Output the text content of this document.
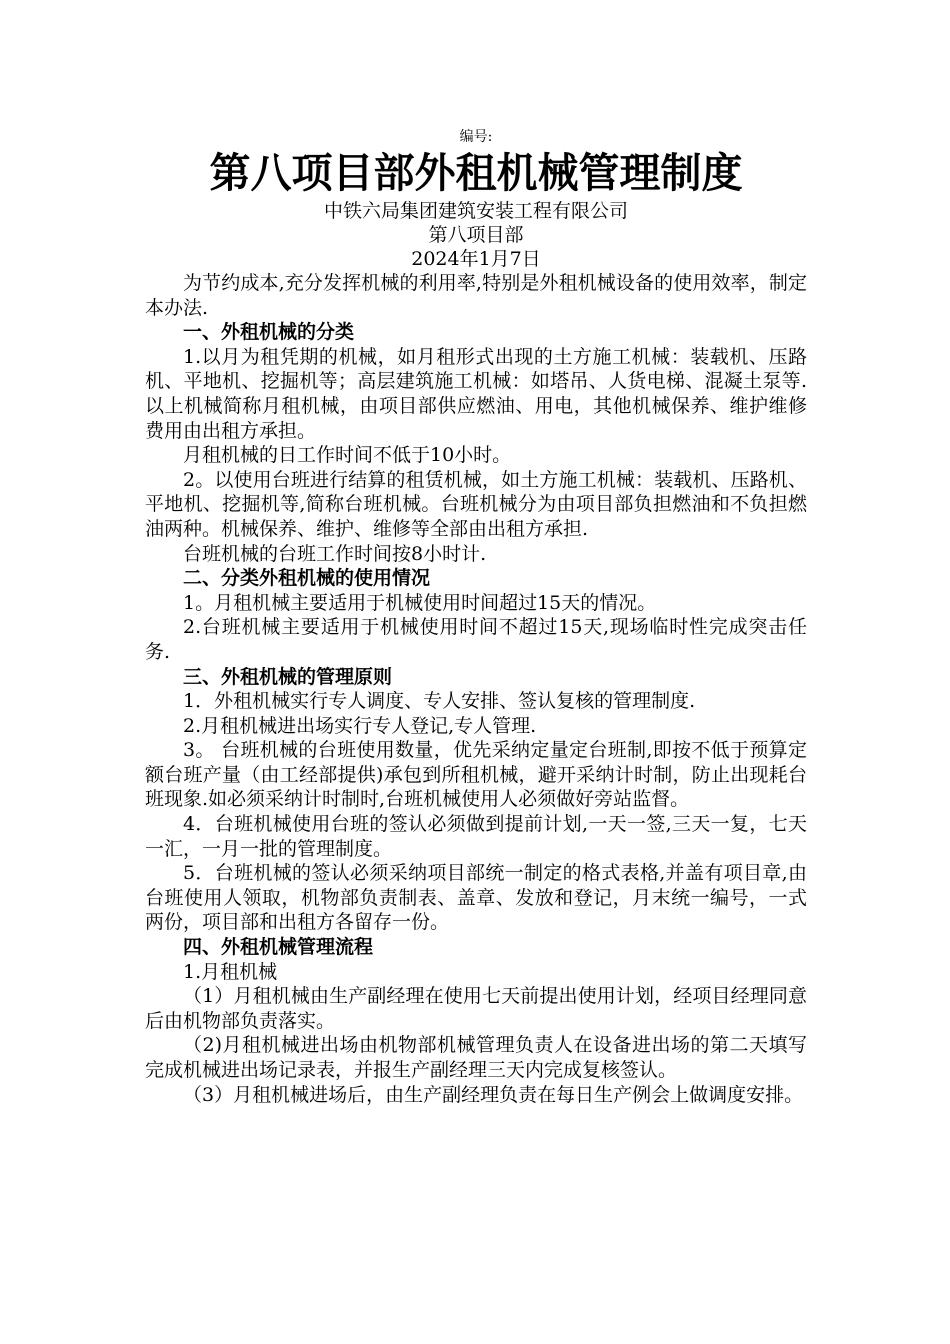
编号:
第八项目部外租机械管理制度
中铁六局集团建筑安装工程有限公司
第八项目部
2024年1月7日

为节约成本,充分发挥机械的利用率,特别是外租机械设备的使用效率，制定本办法.

一、外租机械的分类

1.以月为租凭期的机械，如月租形式出现的土方施工机械：装载机、压路机、平地机、挖掘机等；高层建筑施工机械：如塔吊、人货电梯、混凝土泵等.以上机械简称月租机械，由项目部供应燃油、用电，其他机械保养、维护维修费用由出租方承担。

月租机械的日工作时间不低于10小时。

2。以使用台班进行结算的租赁机械，如土方施工机械：装载机、压路机、平地机、挖掘机等,简称台班机械。台班机械分为由项目部负担燃油和不负担燃油两种。机械保养、维护、维修等全部由出租方承担.

台班机械的台班工作时间按8小时计.

二、分类外租机械的使用情况

1。月租机械主要适用于机械使用时间超过15天的情况。

2.台班机械主要适用于机械使用时间不超过15天,现场临时性完成突击任务.

三、外租机械的管理原则

1．外租机械实行专人调度、专人安排、签认复核的管理制度.

2.月租机械进出场实行专人登记,专人管理.

3。 台班机械的台班使用数量，优先采纳定量定台班制,即按不低于预算定额台班产量（由工经部提供)承包到所租机械，避开采纳计时制，防止出现耗台班现象.如必须采纳计时制时,台班机械使用人必须做好旁站监督。

4．台班机械使用台班的签认必须做到提前计划,一天一签,三天一复，七天一汇，一月一批的管理制度。

5．台班机械的签认必须采纳项目部统一制定的格式表格,并盖有项目章,由台班使用人领取，机物部负责制表、盖章、发放和登记，月末统一编号，一式两份，项目部和出租方各留存一份。

四、外租机械管理流程

1.月租机械

（1）月租机械由生产副经理在使用七天前提出使用计划，经项目经理同意后由机物部负责落实。

（2)月租机械进出场由机物部机械管理负责人在设备进出场的第二天填写完成机械进出场记录表，并报生产副经理三天内完成复核签认。

（3）月租机械进场后，由生产副经理负责在每日生产例会上做调度安排。
